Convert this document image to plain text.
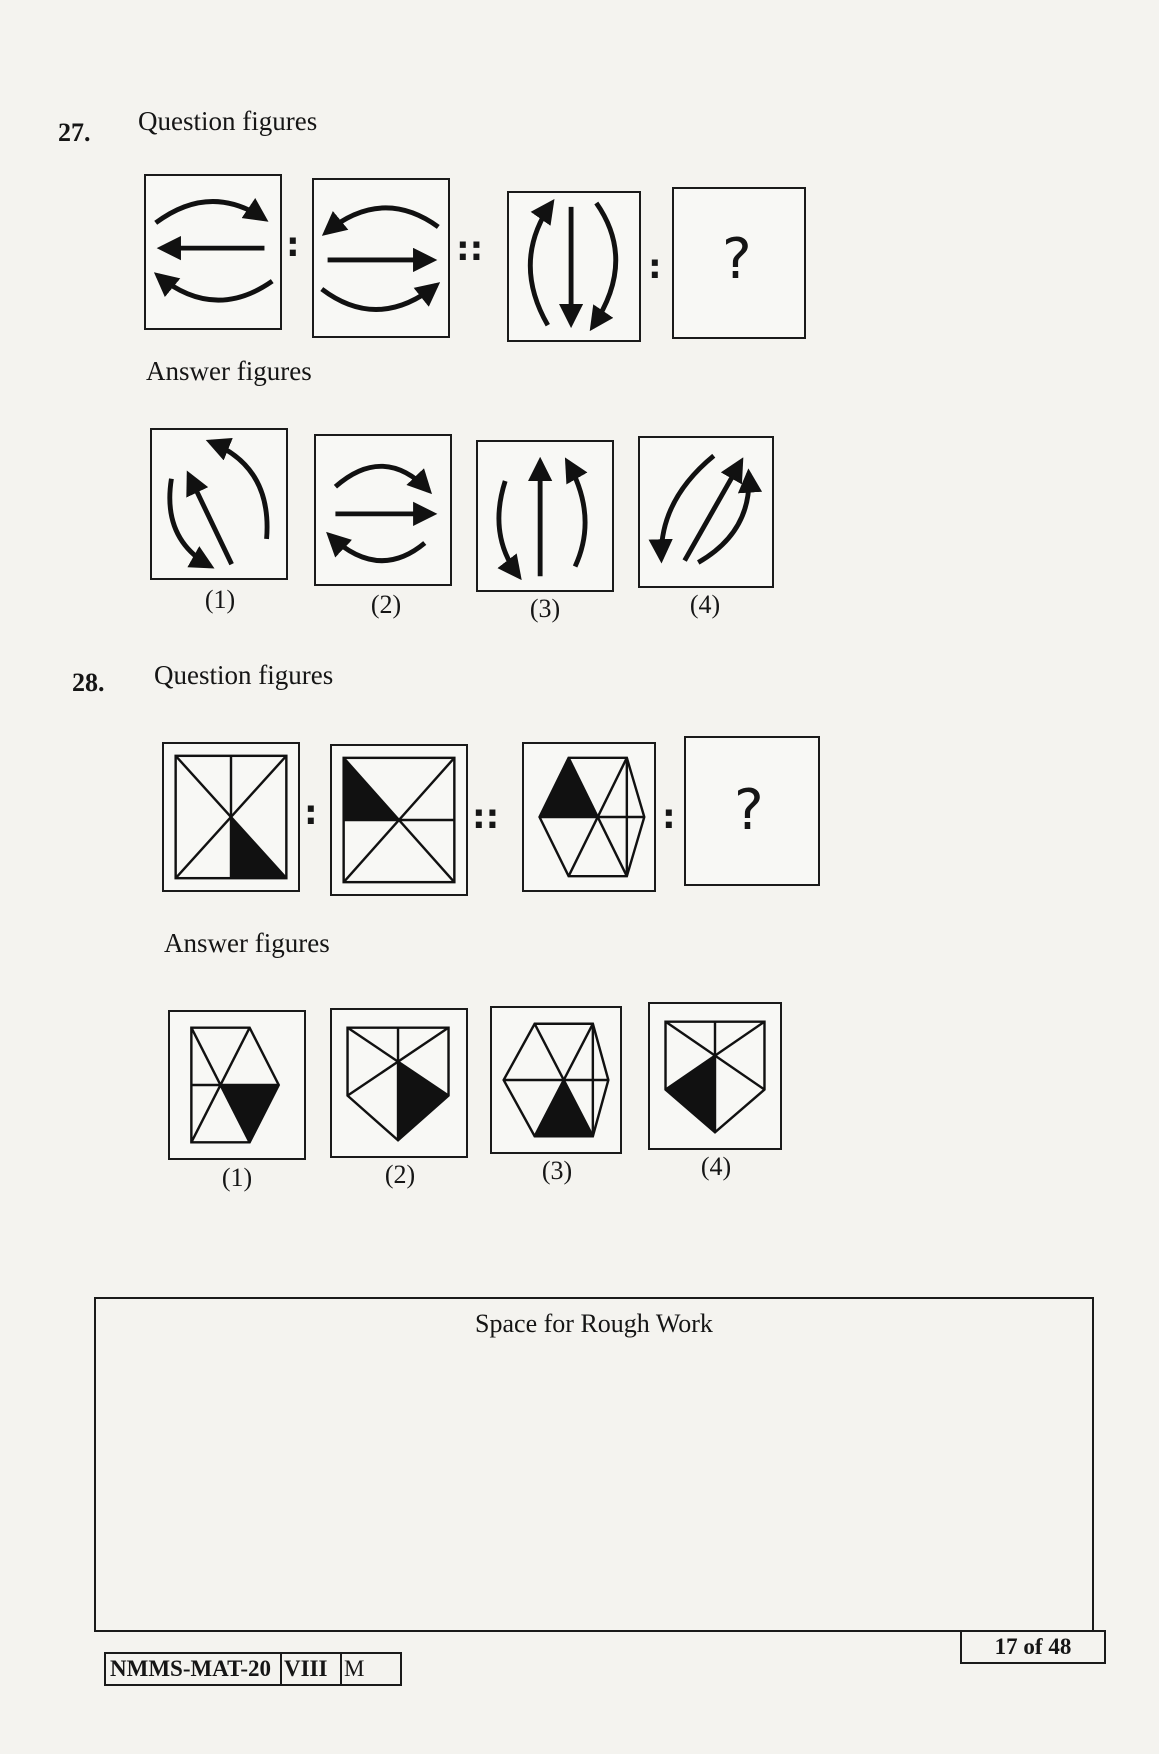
27. Question figures
:	::	: ?
Answer figures
(1)	(2)	(3)	(4)
28. Question figures
:	::	: ?
Answer figures
(1)	(2)	(3)	(4)
Space for Rough Work
NMMS-MAT-20 VIII M
17 of 48
